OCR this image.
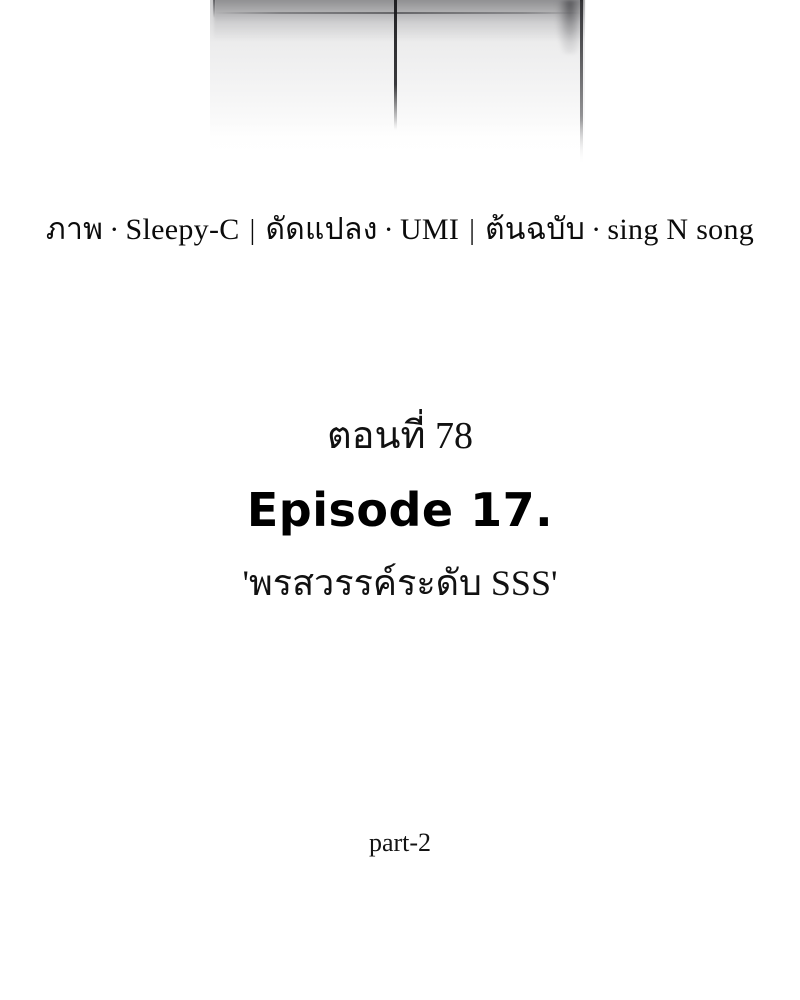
ภาพ · Sleepy-C | ดัดแปลง · UMI | ต้นฉบับ · sing N song
ตอนที่ 78
Episode 17.
'พรสวรรค์ระดับ SSS'
part-2
